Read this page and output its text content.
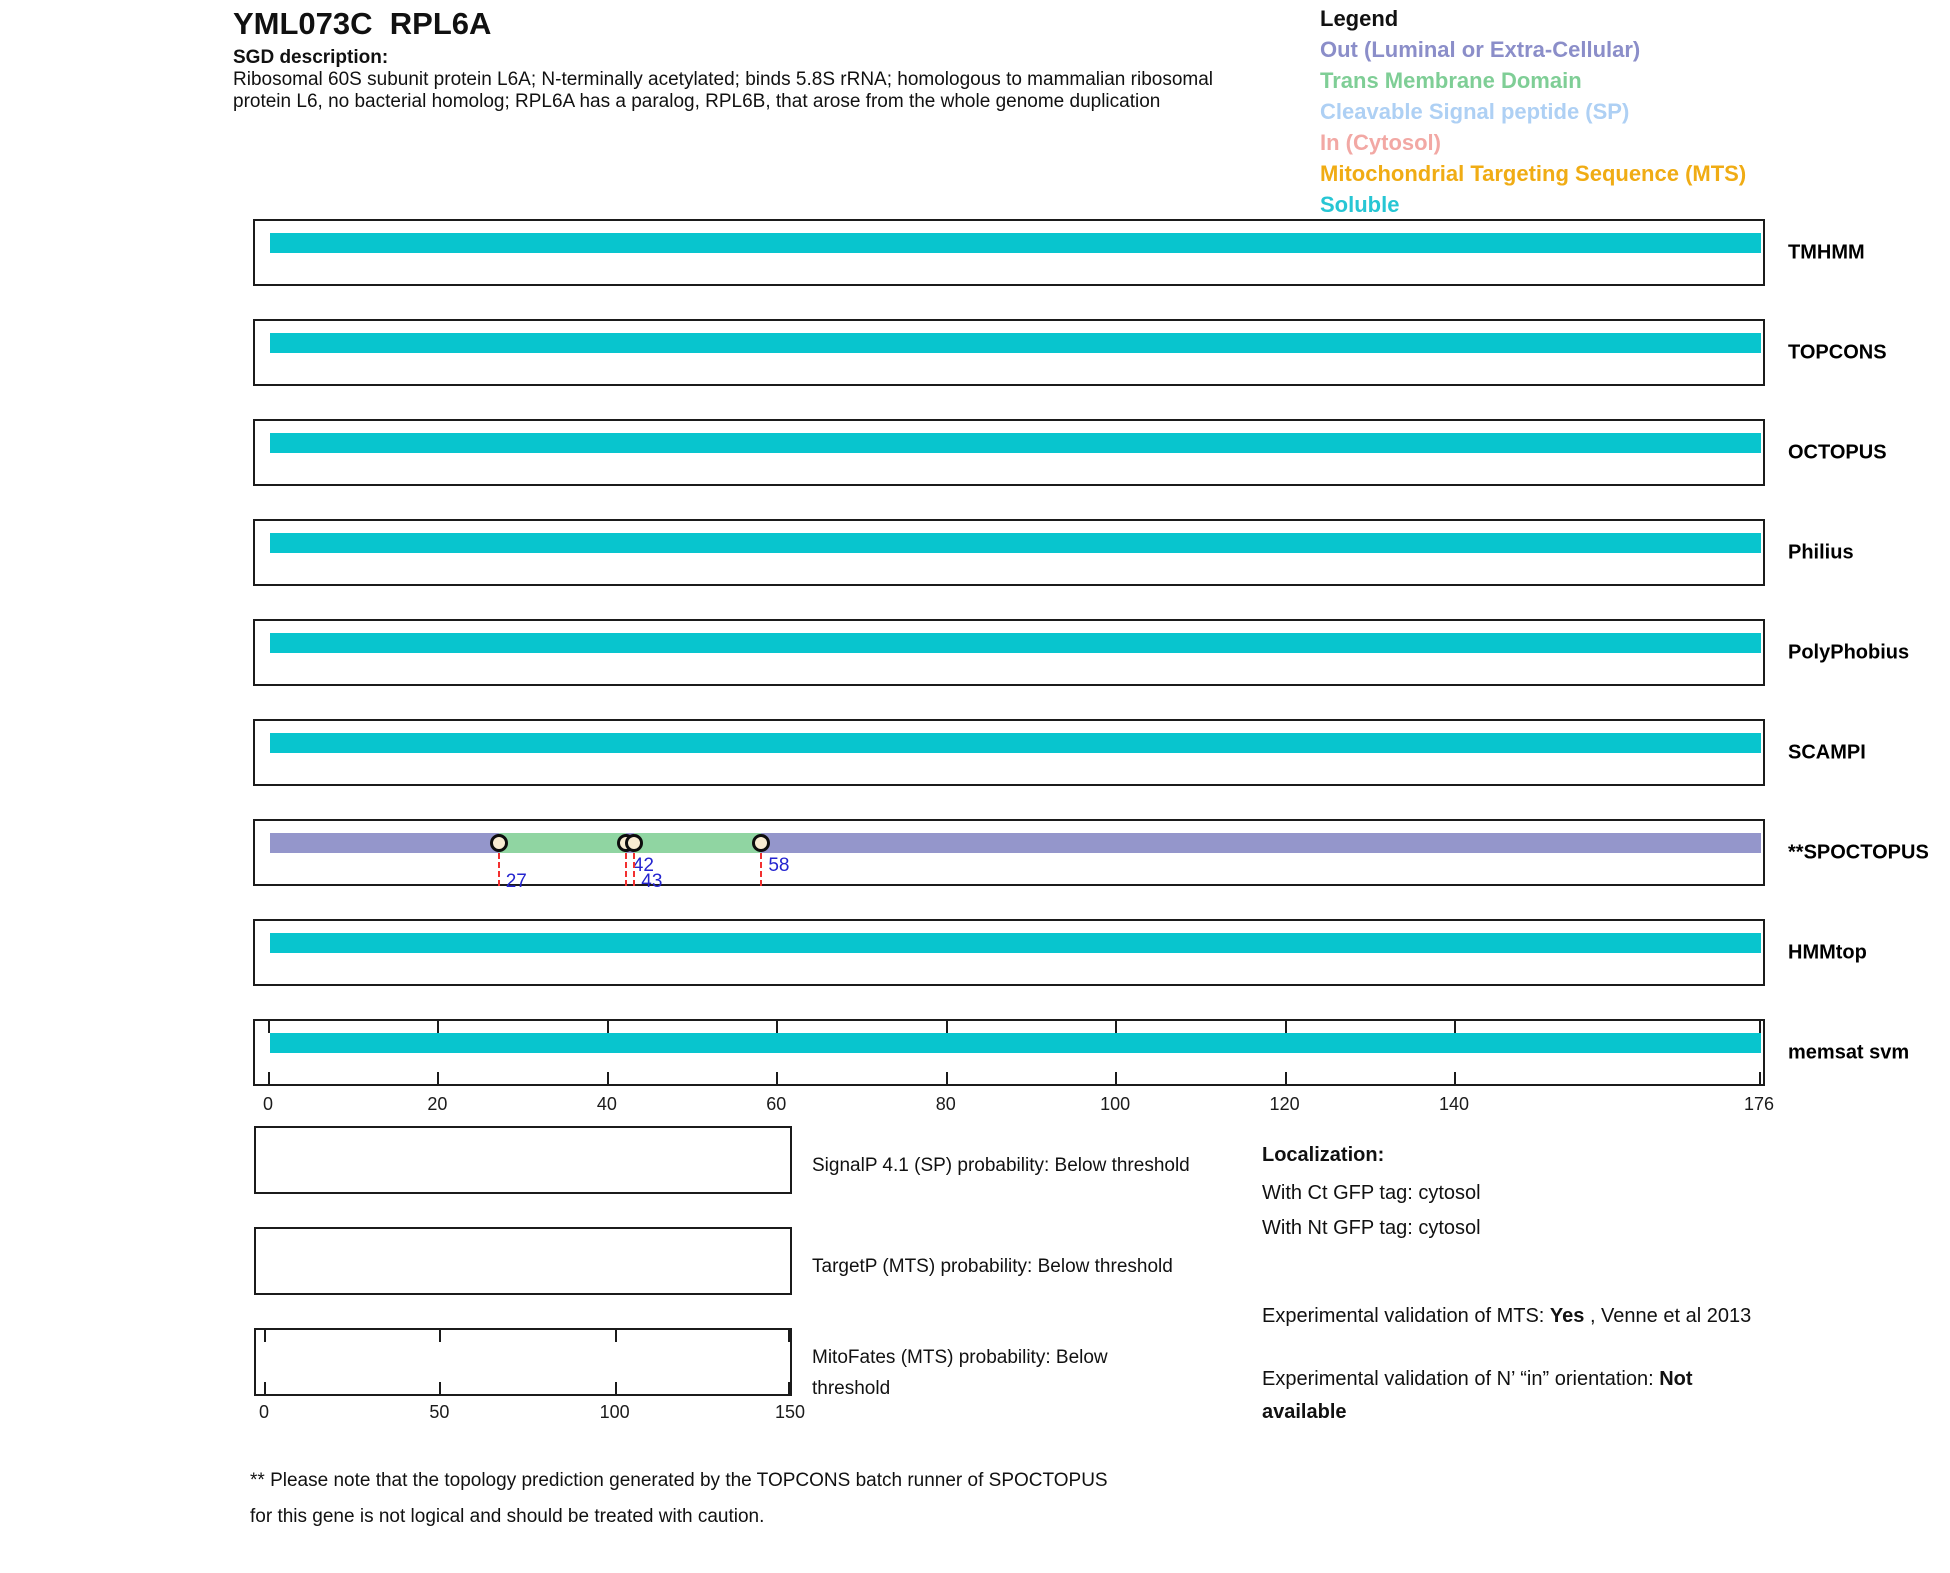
YML073C  RPL6A
SGD description:
Ribosomal 60S subunit protein L6A; N-terminally acetylated; binds 5.8S rRNA; homologous to mammalian ribosomal protein L6, no bacterial homolog; RPL6A has a paralog, RPL6B, that arose from the whole genome duplication
Legend
Out (Luminal or Extra-Cellular)
Trans Membrane Domain
Cleavable Signal peptide (SP)
In (Cytosol)
Mitochondrial Targeting Sequence (MTS)
Soluble
TMHMM
TOPCONS
OCTOPUS
Philius
PolyPhobius
SCAMPI
27
42
43
58
**SPOCTOPUS
HMMtop
memsat svm
0	20	40	60	80	100	120	140	176
SignalP 4.1 (SP) probability: Below threshold
TargetP (MTS) probability: Below threshold
MitoFates (MTS) probability: Below threshold
0	50	100	150
Localization:
With Ct GFP tag: cytosol
With Nt GFP tag: cytosol
Experimental validation of MTS: Yes , Venne et al 2013
Experimental validation of N’ “in” orientation: Not available
** Please note that the topology prediction generated by the TOPCONS batch runner of SPOCTOPUS for this gene is not logical and should be treated with caution.
